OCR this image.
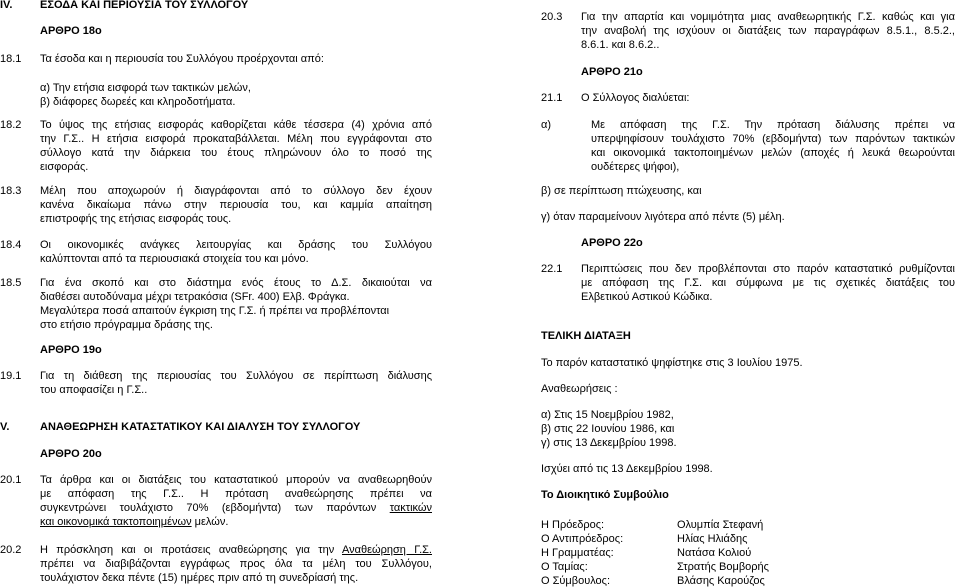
IV.	ΕΣΟΔΑ ΚΑΙ ΠΕΡΙΟΥΣΙΑ ΤΟΥ ΣΥΛΛΟΓΟΥ
ΑΡΘΡΟ 18ο
18.1 Τα έσοδα και η περιουσία του Συλλόγου προέρχονται από:
α) Την ετήσια εισφορά των τακτικών μελών,
β) διάφορες δωρεές και κληροδοτήματα.
18.2 Το ύψος της ετήσιας εισφοράς καθορίζεται κάθε τέσσερα (4) χρόνια από
την Γ.Σ.. Η ετήσια εισφορά προκαταβάλλεται. Μέλη που εγγράφονται στο
σύλλογο κατά την διάρκεια του έτους πληρώνουν όλο το ποσό της
εισφοράς.
18.3 Μέλη που αποχωρούν ή διαγράφονται από το σύλλογο δεν έχουν
κανένα δικαίωμα πάνω στην περιουσία του, και καμμία απαίτηση
επιστροφής της ετήσιας εισφοράς τους.
18.4 Οι οικονομικές ανάγκες λειτουργίας και δράσης του Συλλόγου
καλύπτονται από τα περιουσιακά στοιχεία του και μόνο.
18.5 Για ένα σκοπό και στο διάστημα ενός έτους το Δ.Σ. δικαιούται να
διαθέσει αυτοδύναμα μέχρι τετρακόσια (SFr. 400) Ελβ. Φράγκα.
Μεγαλύτερα ποσά απαιτούν έγκριση της Γ.Σ. ή πρέπει να προβλέπονται
στο ετήσιο πρόγραμμα δράσης της.
ΑΡΘΡΟ 19ο
19.1 Για τη διάθεση της περιουσίας του Συλλόγου σε περίπτωση διάλυσης
του αποφασίζει η Γ.Σ..
V.	ΑΝΑΘΕΩΡΗΣΗ ΚΑΤΑΣΤΑΤΙΚΟΥ ΚΑΙ ΔΙΑΛΥΣΗ ΤΟΥ ΣΥΛΛΟΓΟΥ
ΑΡΘΡΟ 20ο
20.1 Τα άρθρα και οι διατάξεις του καταστατικού μπορούν να αναθεωρηθούν
με απόφαση της Γ.Σ.. Η πρόταση αναθεώρησης πρέπει να
συγκεντρώνει τουλάχιστο 70% (εβδομήντα) των παρόντων τακτικών
και οικονομικά τακτοποιημένων μελών.
20.2 Η πρόσκληση και οι προτάσεις αναθεώρησης για την Αναθεώρηση Γ.Σ.
πρέπει να διαβιβάζονται εγγράφως προς όλα τα μέλη του Συλλόγου,
τουλάχιστον δεκα πέντε (15) ημέρες πριν από τη συνεδρίασή της.
20.3 Για την απαρτία και νομιμότητα μιας αναθεωρητικής Γ.Σ. καθώς και για
την αναβολή της ισχύουν οι διατάξεις των παραγράφων 8.5.1., 8.5.2.,
8.6.1. και 8.6.2..
ΑΡΘΡΟ 21ο
21.1 Ο Σύλλογος διαλύεται:
α)	Με απόφαση της Γ.Σ. Την πρόταση διάλυσης πρέπει να
υπερψηφίσουν τουλάχιστο 70% (εβδομήντα) των παρόντων τακτικών
και οικονομικά τακτοποιημένων μελών (αποχές ή λευκά θεωρούνται
ουδέτερες ψήφοι),
β) σε περίπτωση πτώχευσης, και
γ) όταν παραμείνουν λιγότερα από πέντε (5) μέλη.
ΑΡΘΡΟ 22ο
22.1 Περιπτώσεις που δεν προβλέπονται στο παρόν καταστατικό ρυθμίζονται
με απόφαση της Γ.Σ. και σύμφωνα με τις σχετικές διατάξεις του
Ελβετικού Αστικού Κώδικα.
ΤΕΛΙΚΗ ΔΙΑΤΑΞΗ
Το παρόν καταστατικό ψηφίστηκε στις 3 Ιουλίου 1975.
Αναθεωρήσεις :
α) Στις 15 Νοεμβρίου 1982,
β) στις 22 Ιουνίου 1986, και
γ) στις 13 Δεκεμβρίου 1998.
Ισχύει από τις 13 Δεκεμβρίου 1998.
Το Διοικητικό Συμβούλιο
Η Πρόεδρος:	Ολυμπία Στεφανή
Ο Αντιπρόεδρος:	Ηλίας Ηλιάδης
Η Γραμματέας:	Νατάσα Κολιού
Ο Ταμίας:	Στρατής Βομβορής
Ο Σύμβουλος:	Βλάσης Καρούζος
